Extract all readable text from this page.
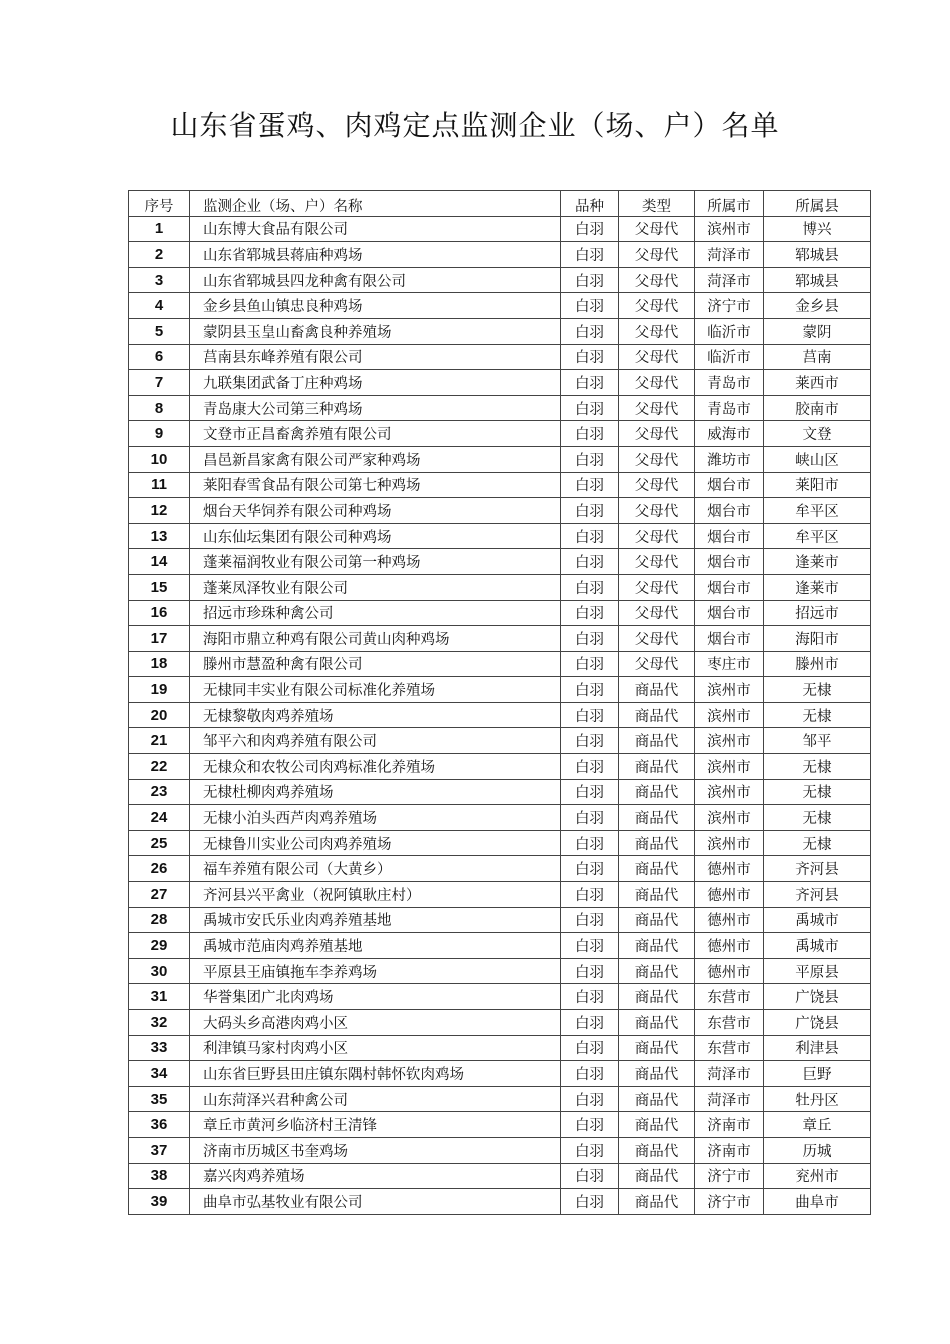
山东省蛋鸡、肉鸡定点监测企业（场、户）名单
序号	监测企业（场、户）名称	品种	类型	所属市	所属县
1	山东博大食品有限公司	白羽	父母代	滨州市	博兴
2	山东省郓城县蒋庙种鸡场	白羽	父母代	菏泽市	郓城县
3	山东省郓城县四龙种禽有限公司	白羽	父母代	菏泽市	郓城县
4	金乡县鱼山镇忠良种鸡场	白羽	父母代	济宁市	金乡县
5	蒙阴县玉皇山畜禽良种养殖场	白羽	父母代	临沂市	蒙阴
6	莒南县东峰养殖有限公司	白羽	父母代	临沂市	莒南
7	九联集团武备丁庄种鸡场	白羽	父母代	青岛市	莱西市
8	青岛康大公司第三种鸡场	白羽	父母代	青岛市	胶南市
9	文登市正昌畜禽养殖有限公司	白羽	父母代	威海市	文登
10	昌邑新昌家禽有限公司严家种鸡场	白羽	父母代	潍坊市	峡山区
11	莱阳春雪食品有限公司第七种鸡场	白羽	父母代	烟台市	莱阳市
12	烟台天华饲养有限公司种鸡场	白羽	父母代	烟台市	牟平区
13	山东仙坛集团有限公司种鸡场	白羽	父母代	烟台市	牟平区
14	蓬莱福润牧业有限公司第一种鸡场	白羽	父母代	烟台市	逢莱市
15	蓬莱凤泽牧业有限公司	白羽	父母代	烟台市	逢莱市
16	招远市珍珠种禽公司	白羽	父母代	烟台市	招远市
17	海阳市鼎立种鸡有限公司黄山肉种鸡场	白羽	父母代	烟台市	海阳市
18	滕州市慧盈种禽有限公司	白羽	父母代	枣庄市	滕州市
19	无棣同丰实业有限公司标准化养殖场	白羽	商品代	滨州市	无棣
20	无棣黎敬肉鸡养殖场	白羽	商品代	滨州市	无棣
21	邹平六和肉鸡养殖有限公司	白羽	商品代	滨州市	邹平
22	无棣众和农牧公司肉鸡标准化养殖场	白羽	商品代	滨州市	无棣
23	无棣杜柳肉鸡养殖场	白羽	商品代	滨州市	无棣
24	无棣小泊头西芦肉鸡养殖场	白羽	商品代	滨州市	无棣
25	无棣鲁川实业公司肉鸡养殖场	白羽	商品代	滨州市	无棣
26	福车养殖有限公司（大黄乡）	白羽	商品代	德州市	齐河县
27	齐河县兴平禽业（祝阿镇耿庄村）	白羽	商品代	德州市	齐河县
28	禹城市安氏乐业肉鸡养殖基地	白羽	商品代	德州市	禹城市
29	禹城市范庙肉鸡养殖基地	白羽	商品代	德州市	禹城市
30	平原县王庙镇拖车李养鸡场	白羽	商品代	德州市	平原县
31	华誉集团广北肉鸡场	白羽	商品代	东营市	广饶县
32	大码头乡高港肉鸡小区	白羽	商品代	东营市	广饶县
33	利津镇马家村肉鸡小区	白羽	商品代	东营市	利津县
34	山东省巨野县田庄镇东隅村韩怀钦肉鸡场	白羽	商品代	菏泽市	巨野
35	山东菏泽兴君种禽公司	白羽	商品代	菏泽市	牡丹区
36	章丘市黄河乡临济村王清锋	白羽	商品代	济南市	章丘
37	济南市历城区书奎鸡场	白羽	商品代	济南市	历城
38	嘉兴肉鸡养殖场	白羽	商品代	济宁市	兖州市
39	曲阜市弘基牧业有限公司	白羽	商品代	济宁市	曲阜市
